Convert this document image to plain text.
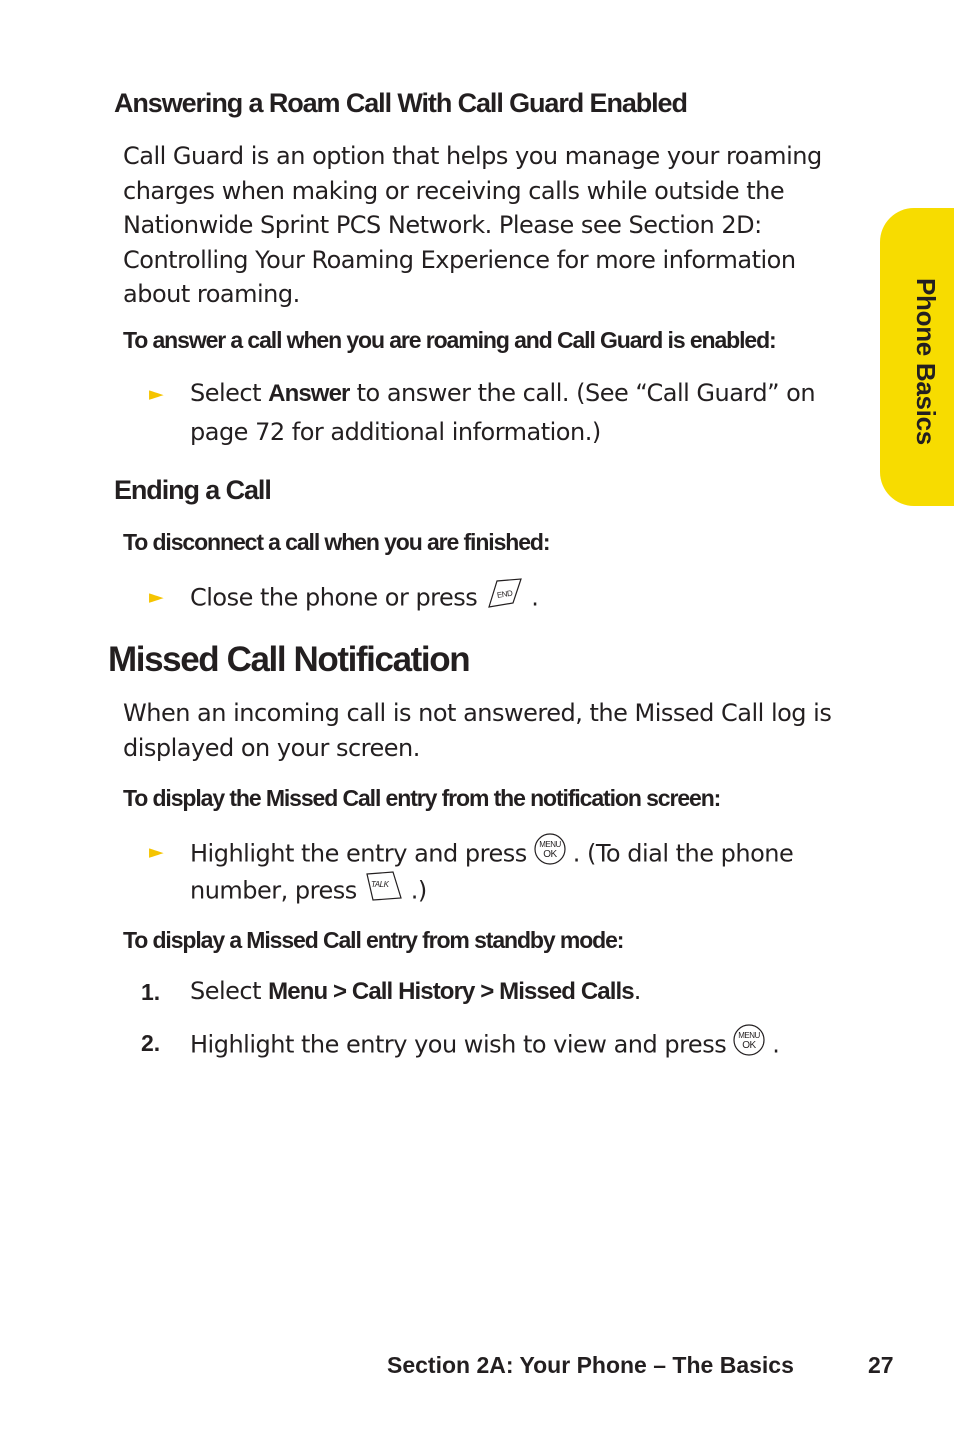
Phone Basics
Answering a Roam Call With Call Guard Enabled
Call Guard is an option that helps you manage your roaming charges when making or receiving calls while outside the Nationwide Sprint PCS Network. Please see Section 2D: Controlling Your Roaming Experience for more information about roaming.
To answer a call when you are roaming and Call Guard is enabled:
► Select Answer to answer the call. (See “Call Guard” on page 72 for additional information.)
Ending a Call
To disconnect a call when you are finished:
► Close the phone or press END .
Missed Call Notification
When an incoming call is not answered, the Missed Call log is displayed on your screen.
To display the Missed Call entry from the notification screen:
► Highlight the entry and press MENU
OK . (To dial the phone
number, press TALK .)
To display a Missed Call entry from standby mode:
1. Select Menu > Call History > Missed Calls.
2. Highlight the entry you wish to view and press MENU
OK .
Section 2A: Your Phone – The Basics	27
